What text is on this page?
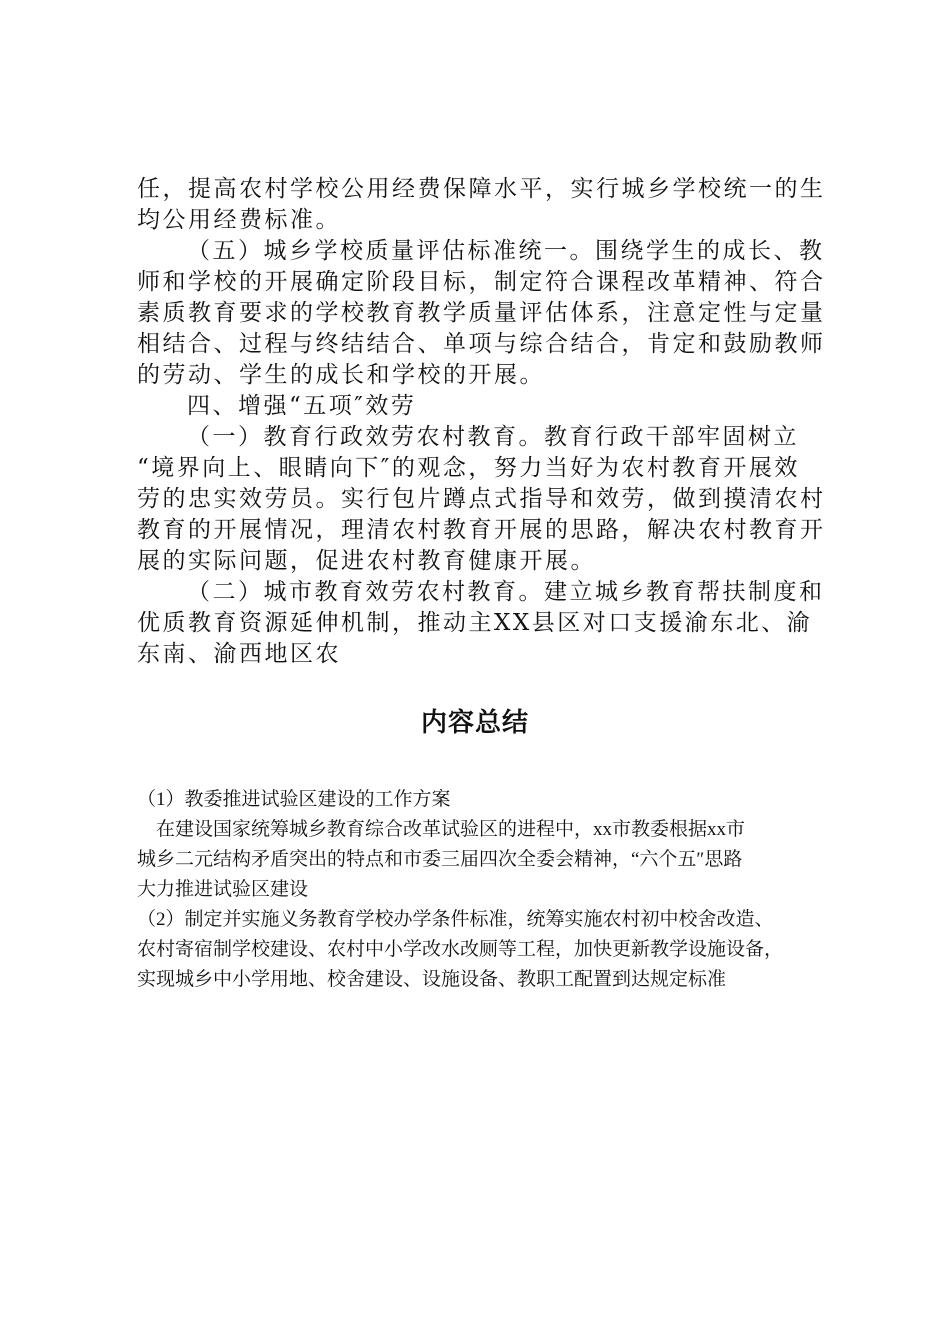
任，提高农村学校公用经费保障水平，实行城乡学校统一的生

均公用经费标准。

（五）城乡学校质量评估标准统一。围绕学生的成长、教

师和学校的开展确定阶段目标，制定符合课程改革精神、符合

素质教育要求的学校教育教学质量评估体系，注意定性与定量

相结合、过程与终结结合、单项与综合结合，肯定和鼓励教师

的劳动、学生的成长和学校的开展。

四、增强“五项″效劳

（一）教育行政效劳农村教育。教育行政干部牢固树立

“境界向上、眼睛向下″的观念，努力当好为农村教育开展效

劳的忠实效劳员。实行包片蹲点式指导和效劳，做到摸清农村

教育的开展情况，理清农村教育开展的思路，解决农村教育开

展的实际问题，促进农村教育健康开展。

（二）城市教育效劳农村教育。建立城乡教育帮扶制度和

优质教育资源延伸机制，推动主XX县区对口支援渝东北、渝

东南、渝西地区农

内容总结

（1）教委推进试验区建设的工作方案

在建设国家统筹城乡教育综合改革试验区的进程中，xx市教委根据xx市

城乡二元结构矛盾突出的特点和市委三届四次全委会精神，“六个五″思路

大力推进试验区建设

（2）制定并实施义务教育学校办学条件标准，统筹实施农村初中校舍改造、

农村寄宿制学校建设、农村中小学改水改厕等工程，加快更新教学设施设备，

实现城乡中小学用地、校舍建设、设施设备、教职工配置到达规定标准
